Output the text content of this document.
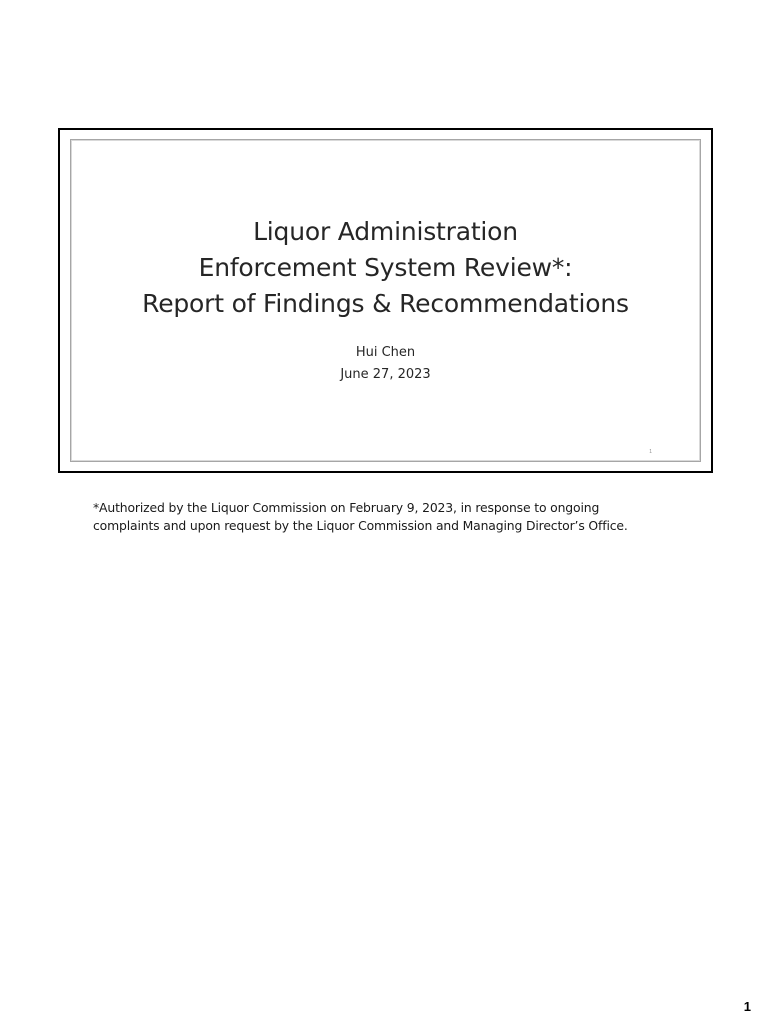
Liquor Administration
Enforcement System Review*:
Report of Findings & Recommendations
Hui Chen
June 27, 2023
1
*Authorized by the Liquor Commission on February 9, 2023, in response to ongoing
complaints and upon request by the Liquor Commission and Managing Director’s Office.
1
